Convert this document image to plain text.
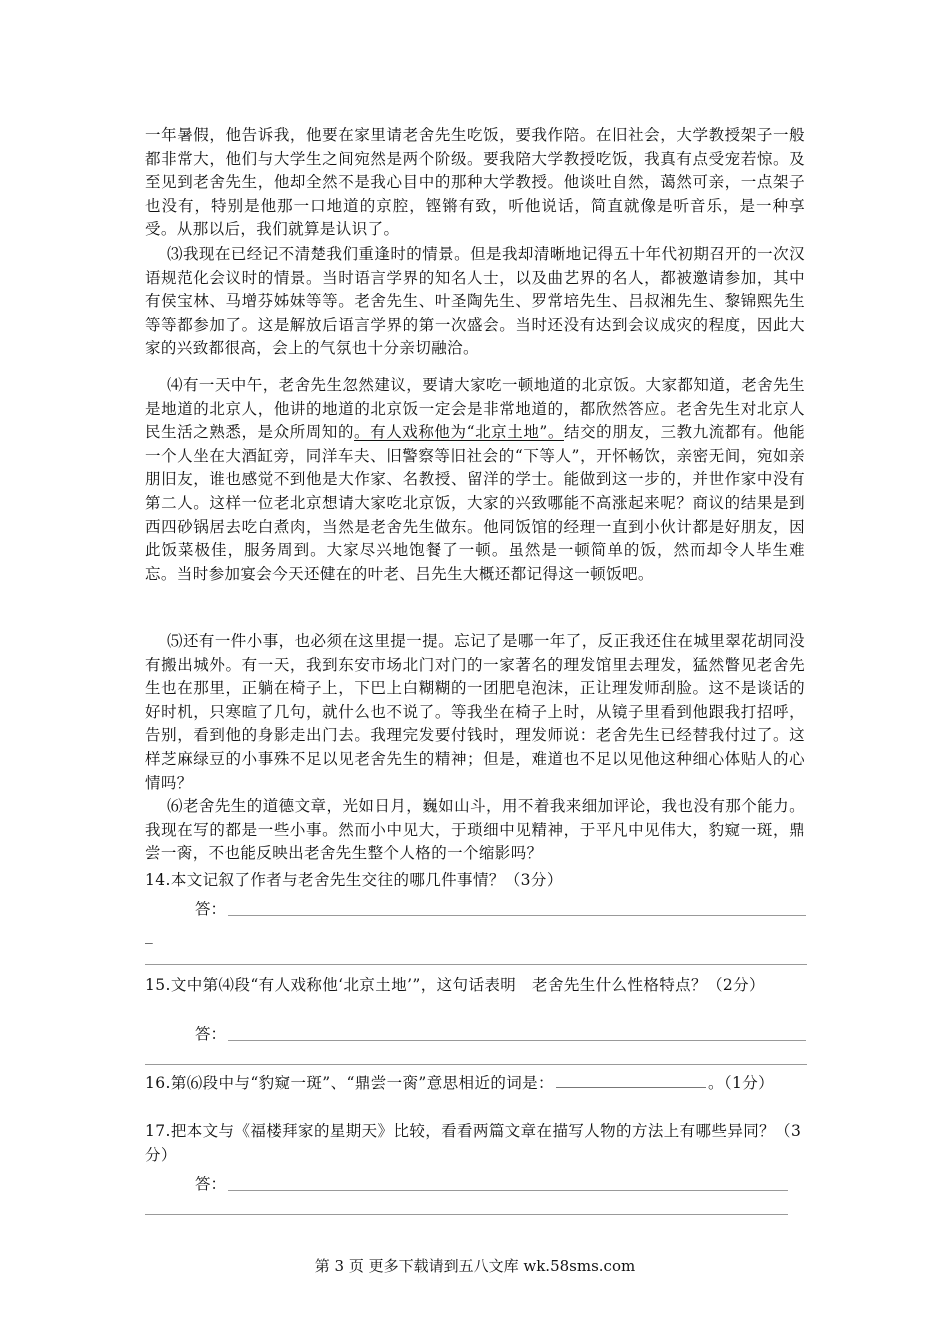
一年暑假，他告诉我，他要在家里请老舍先生吃饭，要我作陪。在旧社会，大学教授架子一般都非常大，他们与大学生之间宛然是两个阶级。要我陪大学教授吃饭，我真有点受宠若惊。及至见到老舍先生，他却全然不是我心目中的那种大学教授。他谈吐自然，蔼然可亲，一点架子也没有，特别是他那一口地道的京腔，铿锵有致，听他说话，简直就像是听音乐，是一种享受。从那以后，我们就算是认识了。

⑶我现在已经记不清楚我们重逢时的情景。但是我却清晰地记得五十年代初期召开的一次汉语规范化会议时的情景。当时语言学界的知名人士，以及曲艺界的名人，都被邀请参加，其中有侯宝林、马增芬姊妹等等。老舍先生、叶圣陶先生、罗常培先生、吕叔湘先生、黎锦熙先生等等都参加了。这是解放后语言学界的第一次盛会。当时还没有达到会议成灾的程度，因此大家的兴致都很高，会上的气氛也十分亲切融洽。

⑷有一天中午，老舍先生忽然建议，要请大家吃一顿地道的北京饭。大家都知道，老舍先生是地道的北京人，他讲的地道的北京饭一定会是非常地道的，都欣然答应。老舍先生对北京人民生活之熟悉，是众所周知的。有人戏称他为“北京土地”。结交的朋友，三教九流都有。他能一个人坐在大酒缸旁，同洋车夫、旧警察等旧社会的“下等人”，开怀畅饮，亲密无间，宛如亲朋旧友，谁也感觉不到他是大作家、名教授、留洋的学士。能做到这一步的，并世作家中没有第二人。这样一位老北京想请大家吃北京饭，大家的兴致哪能不高涨起来呢？商议的结果是到西四砂锅居去吃白煮肉，当然是老舍先生做东。他同饭馆的经理一直到小伙计都是好朋友，因此饭菜极佳，服务周到。大家尽兴地饱餐了一顿。虽然是一顿简单的饭，然而却令人毕生难忘。当时参加宴会今天还健在的叶老、吕先生大概还都记得这一顿饭吧。

⑸还有一件小事，也必须在这里提一提。忘记了是哪一年了，反正我还住在城里翠花胡同没有搬出城外。有一天，我到东安市场北门对门的一家著名的理发馆里去理发，猛然瞥见老舍先生也在那里，正躺在椅子上，下巴上白糊糊的一团肥皂泡沫，正让理发师刮脸。这不是谈话的好时机，只寒暄了几句，就什么也不说了。等我坐在椅子上时，从镜子里看到他跟我打招呼，告别，看到他的身影走出门去。我理完发要付钱时，理发师说：老舍先生已经替我付过了。这样芝麻绿豆的小事殊不足以见老舍先生的精神；但是，难道也不足以见他这种细心体贴人的心情吗？

⑹老舍先生的道德文章，光如日月，巍如山斗，用不着我来细加评论，我也没有那个能力。我现在写的都是一些小事。然而小中见大，于琐细中见精神，于平凡中见伟大，豹窥一斑，鼎尝一脔，不也能反映出老舍先生整个人格的一个缩影吗？

14.本文记叙了作者与老舍先生交往的哪几件事情？（3分）

答：
_

15.文中第⑷段“有人戏称他‘北京土地’”，这句话表明　老舍先生什么性格特点？（2分）

答：

16.第⑹段中与“豹窥一斑”、“鼎尝一脔”意思相近的词是：	。（1分）

17.把本文与《福楼拜家的星期天》比较，看看两篇文章在描写人物的方法上有哪些异同？（3分）

答：
第 3 页 更多下载请到五八文库 wk.58sms.com
